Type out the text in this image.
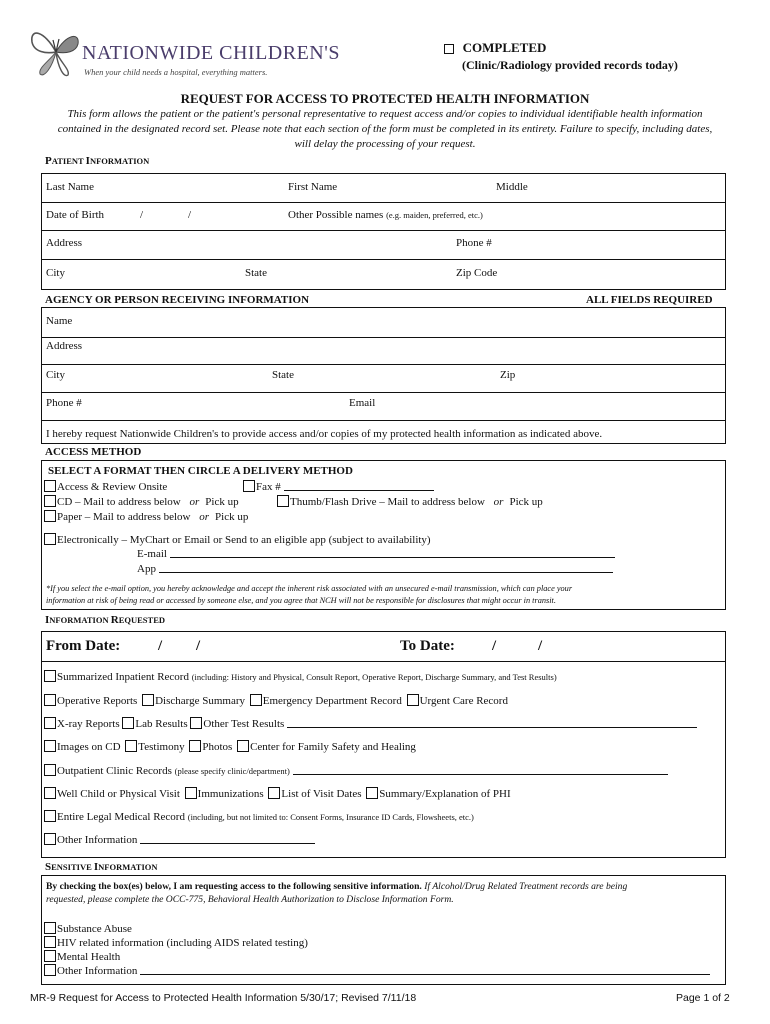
NATIONWIDE CHILDREN'S
When your child needs a hospital, everything matters.
COMPLETED
(Clinic/Radiology provided records today)
REQUEST FOR ACCESS TO PROTECTED HEALTH INFORMATION
This form allows the patient or the patient's personal representative to request access and/or copies to individual identifiable health information
contained in the designated record set. Please note that each section of the form must be completed in its entirety. Failure to specify, including dates,
will delay the processing of your request.
PATIENT INFORMATION
Last Name	First Name	Middle
Date of Birth	/	/	Other Possible names (e.g. maiden, preferred, etc.)
Address	Phone #
City	State	Zip Code
AGENCY OR PERSON RECEIVING INFORMATION	ALL FIELDS REQUIRED
Name
Address
City	State	Zip
Phone #	Email
I hereby request Nationwide Children's to provide access and/or copies of my protected health information as indicated above.
ACCESS METHOD
SELECT A FORMAT THEN CIRCLE A DELIVERY METHOD
Access & Review Onsite	Fax #
CD – Mail to address below or Pick up	Thumb/Flash Drive – Mail to address below or Pick up
Paper – Mail to address below or Pick up
Electronically – MyChart or Email or Send to an eligible app (subject to availability)
E-mail
App
*If you select the e-mail option, you hereby acknowledge and accept the inherent risk associated with an unsecured e-mail transmission, which can place your
information at risk of being read or accessed by someone else, and you agree that NCH will not be responsible for disclosures that might occur in transit.
INFORMATION REQUESTED
From Date:	/ /	To Date: /	/
Summarized Inpatient Record (including: History and Physical, Consult Report, Operative Report, Discharge Summary, and Test Results)
Operative Reports Discharge Summary Emergency Department Record Urgent Care Record
X-ray Reports Lab Results Other Test Results
Images on CD Testimony Photos Center for Family Safety and Healing
Outpatient Clinic Records (please specify clinic/department)
Well Child or Physical Visit Immunizations List of Visit Dates Summary/Explanation of PHI
Entire Legal Medical Record (including, but not limited to: Consent Forms, Insurance ID Cards, Flowsheets, etc.)
Other Information
SENSITIVE INFORMATION
By checking the box(es) below, I am requesting access to the following sensitive information. If Alcohol/Drug Related Treatment records are being
requested, please complete the OCC-775, Behavioral Health Authorization to Disclose Information Form.
Substance Abuse
HIV related information (including AIDS related testing)
Mental Health
Other Information
MR-9 Request for Access to Protected Health Information 5/30/17; Revised 7/11/18	Page 1 of 2
